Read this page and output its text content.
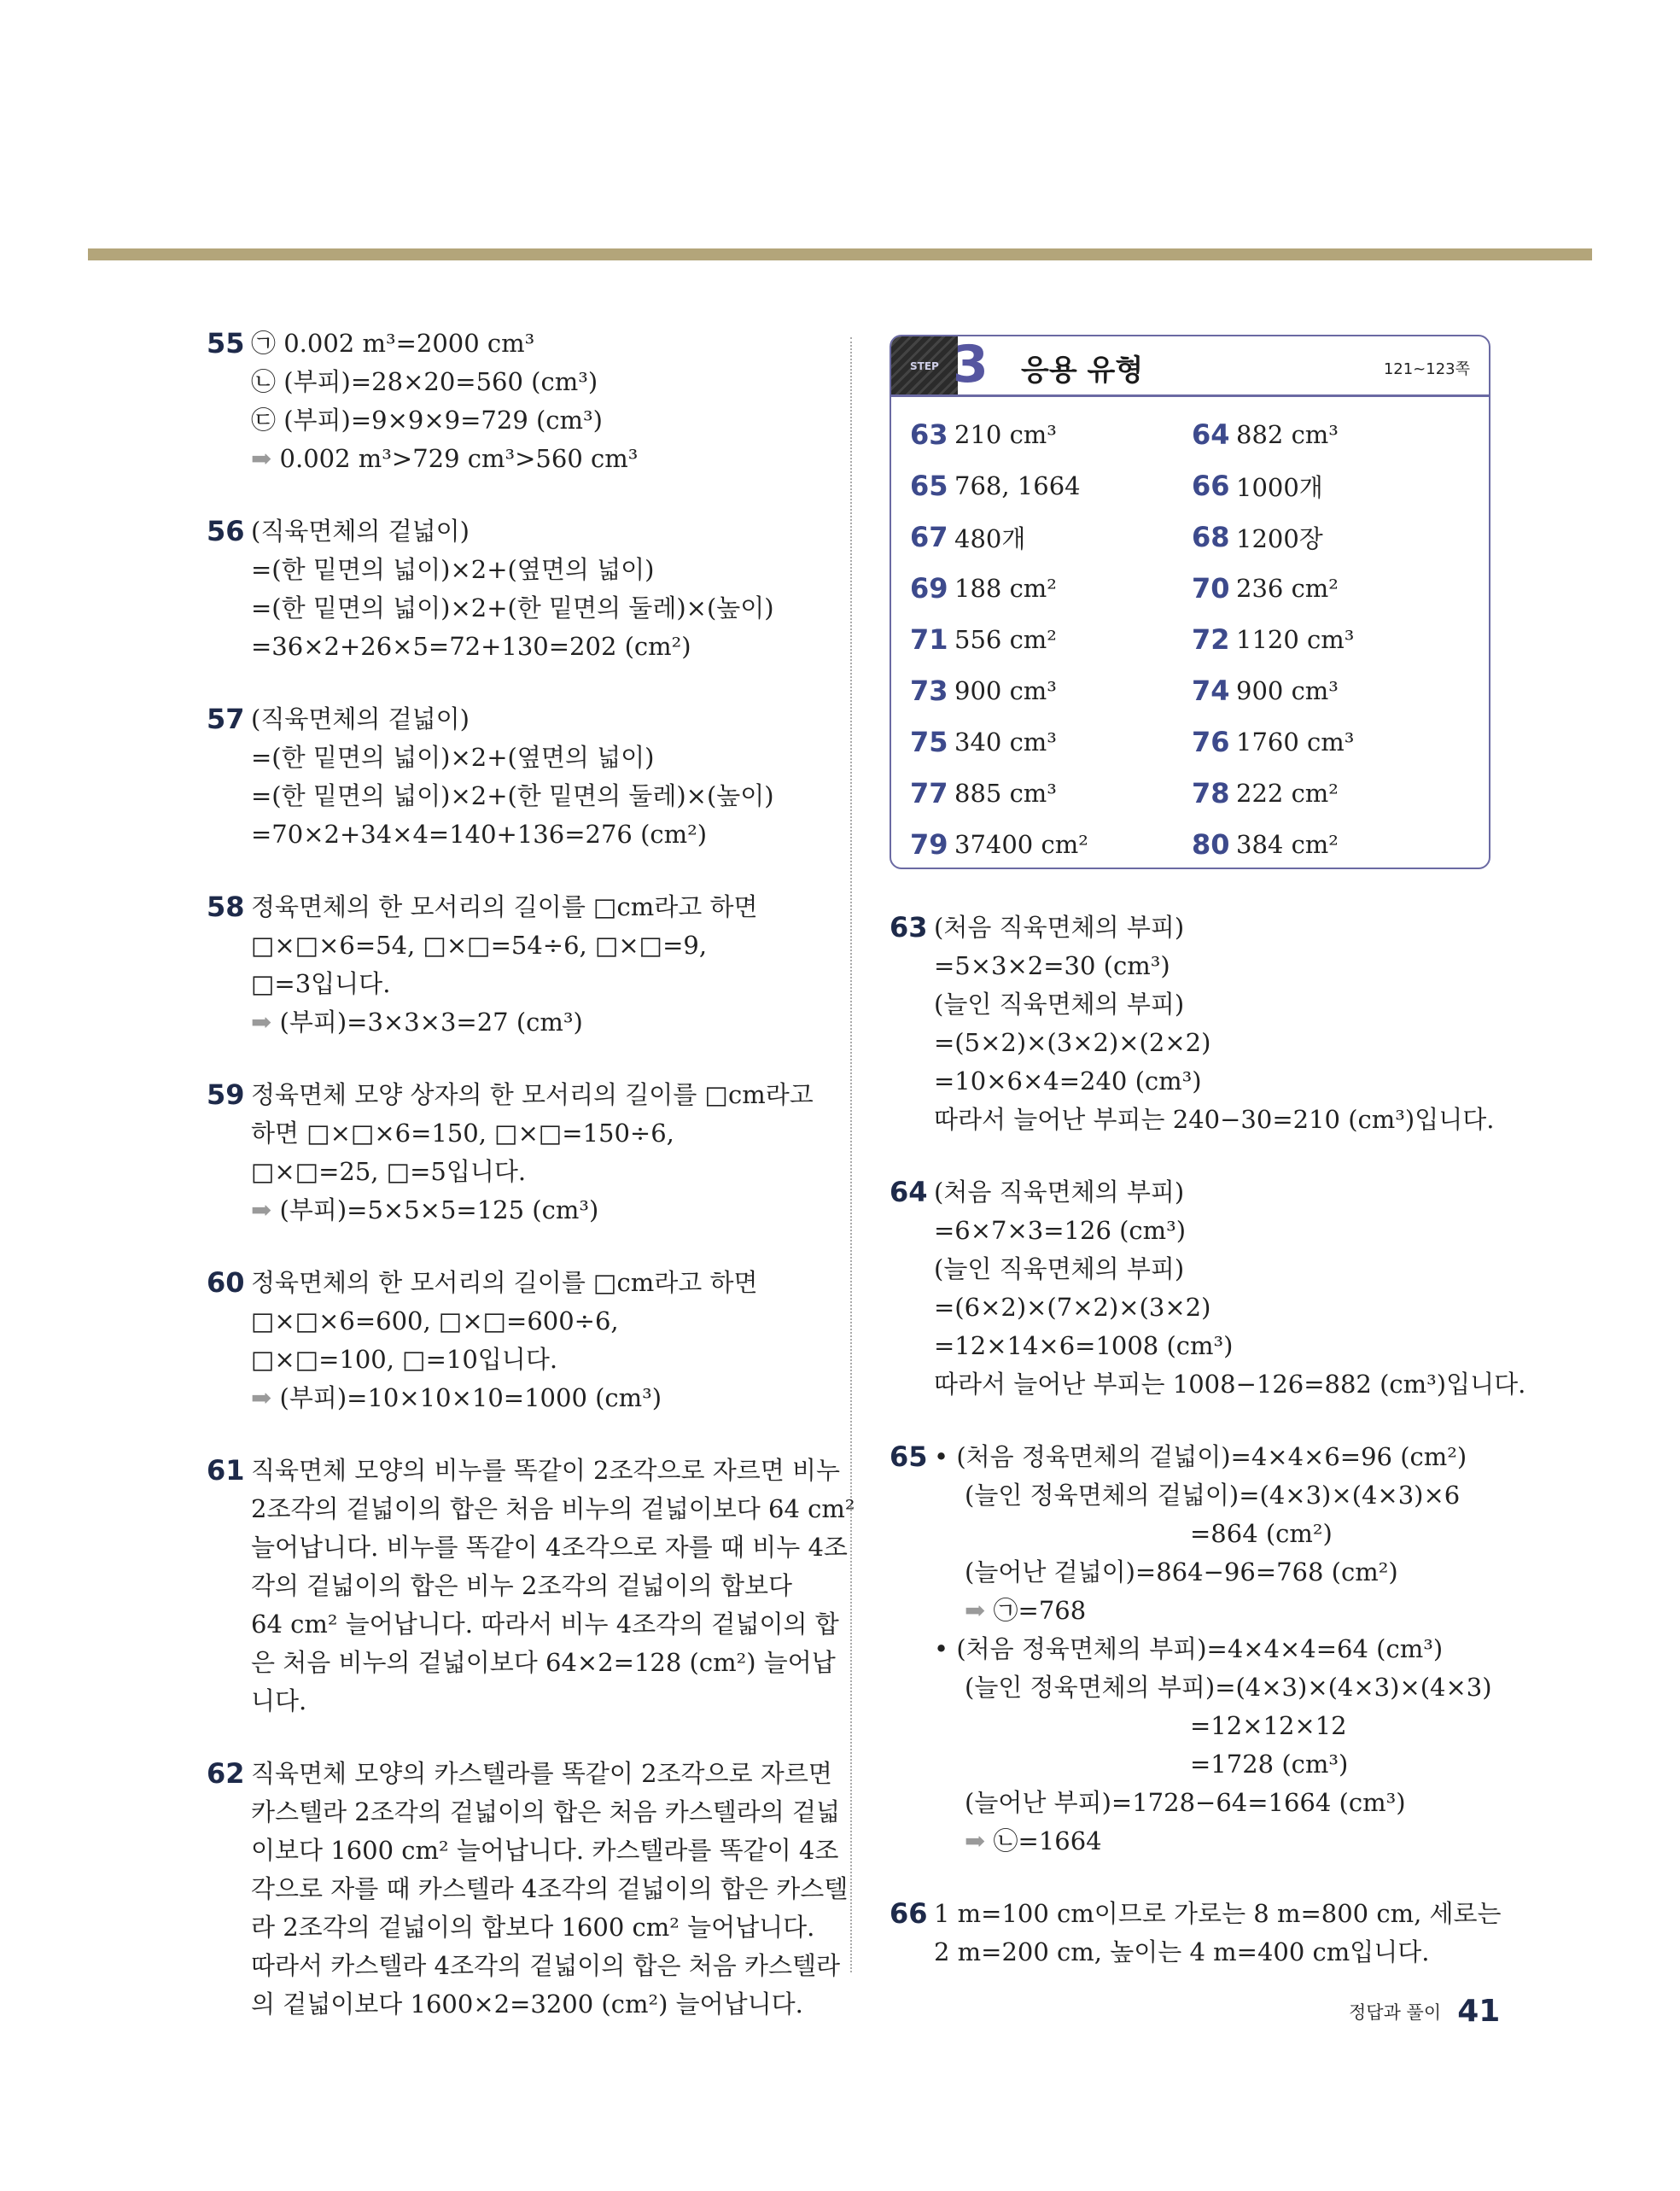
55 ㉠ 0.002 m³=2000 cm³
㉡ (부피)=28×20=560 (cm³)
㉢ (부피)=9×9×9=729 (cm³)
➡ 0.002 m³>729 cm³>560 cm³
56 (직육면체의 겉넓이)
=(한 밑면의 넓이)×2+(옆면의 넓이)
=(한 밑면의 넓이)×2+(한 밑면의 둘레)×(높이)
=36×2+26×5=72+130=202 (cm²)
57 (직육면체의 겉넓이)
=(한 밑면의 넓이)×2+(옆면의 넓이)
=(한 밑면의 넓이)×2+(한 밑면의 둘레)×(높이)
=70×2+34×4=140+136=276 (cm²)
58 정육면체의 한 모서리의 길이를 □cm라고 하면
□×□×6=54, □×□=54÷6, □×□=9,
□=3입니다.
➡ (부피)=3×3×3=27 (cm³)
59 정육면체 모양 상자의 한 모서리의 길이를 □cm라고
하면 □×□×6=150, □×□=150÷6,
□×□=25, □=5입니다.
➡ (부피)=5×5×5=125 (cm³)
60 정육면체의 한 모서리의 길이를 □cm라고 하면
□×□×6=600, □×□=600÷6,
□×□=100, □=10입니다.
➡ (부피)=10×10×10=1000 (cm³)
61 직육면체 모양의 비누를 똑같이 2조각으로 자르면 비누
2조각의 겉넓이의 합은 처음 비누의 겉넓이보다 64 cm²
늘어납니다. 비누를 똑같이 4조각으로 자를 때 비누 4조
각의 겉넓이의 합은 비누 2조각의 겉넓이의 합보다
64 cm² 늘어납니다. 따라서 비누 4조각의 겉넓이의 합
은 처음 비누의 겉넓이보다 64×2=128 (cm²) 늘어납
니다.
62 직육면체 모양의 카스텔라를 똑같이 2조각으로 자르면
카스텔라 2조각의 겉넓이의 합은 처음 카스텔라의 겉넓
이보다 1600 cm² 늘어납니다. 카스텔라를 똑같이 4조
각으로 자를 때 카스텔라 4조각의 겉넓이의 합은 카스텔
라 2조각의 겉넓이의 합보다 1600 cm² 늘어납니다.
따라서 카스텔라 4조각의 겉넓이의 합은 처음 카스텔라
의 겉넓이보다 1600×2=3200 (cm²) 늘어납니다.
STEP 3 응용 유형	121~123쪽
63 210 cm³	64 882 cm³
65 768, 1664	66 1000개
67 480개	68 1200장
69 188 cm²	70 236 cm²
71 556 cm²	72 1120 cm³
73 900 cm³	74 900 cm³
75 340 cm³	76 1760 cm³
77 885 cm³	78 222 cm²
79 37400 cm²	80 384 cm²
63 (처음 직육면체의 부피)
=5×3×2=30 (cm³)
(늘인 직육면체의 부피)
=(5×2)×(3×2)×(2×2)
=10×6×4=240 (cm³)
따라서 늘어난 부피는 240−30=210 (cm³)입니다.
64 (처음 직육면체의 부피)
=6×7×3=126 (cm³)
(늘인 직육면체의 부피)
=(6×2)×(7×2)×(3×2)
=12×14×6=1008 (cm³)
따라서 늘어난 부피는 1008−126=882 (cm³)입니다.
65 • (처음 정육면체의 겉넓이)=4×4×6=96 (cm²)
(늘인 정육면체의 겉넓이)=(4×3)×(4×3)×6
=864 (cm²)
(늘어난 겉넓이)=864−96=768 (cm²)
➡ ㉠=768
• (처음 정육면체의 부피)=4×4×4=64 (cm³)
(늘인 정육면체의 부피)=(4×3)×(4×3)×(4×3)
=12×12×12
=1728 (cm³)
(늘어난 부피)=1728−64=1664 (cm³)
➡ ㉡=1664
66 1 m=100 cm이므로 가로는 8 m=800 cm, 세로는
2 m=200 cm, 높이는 4 m=400 cm입니다.
정답과 풀이 41
